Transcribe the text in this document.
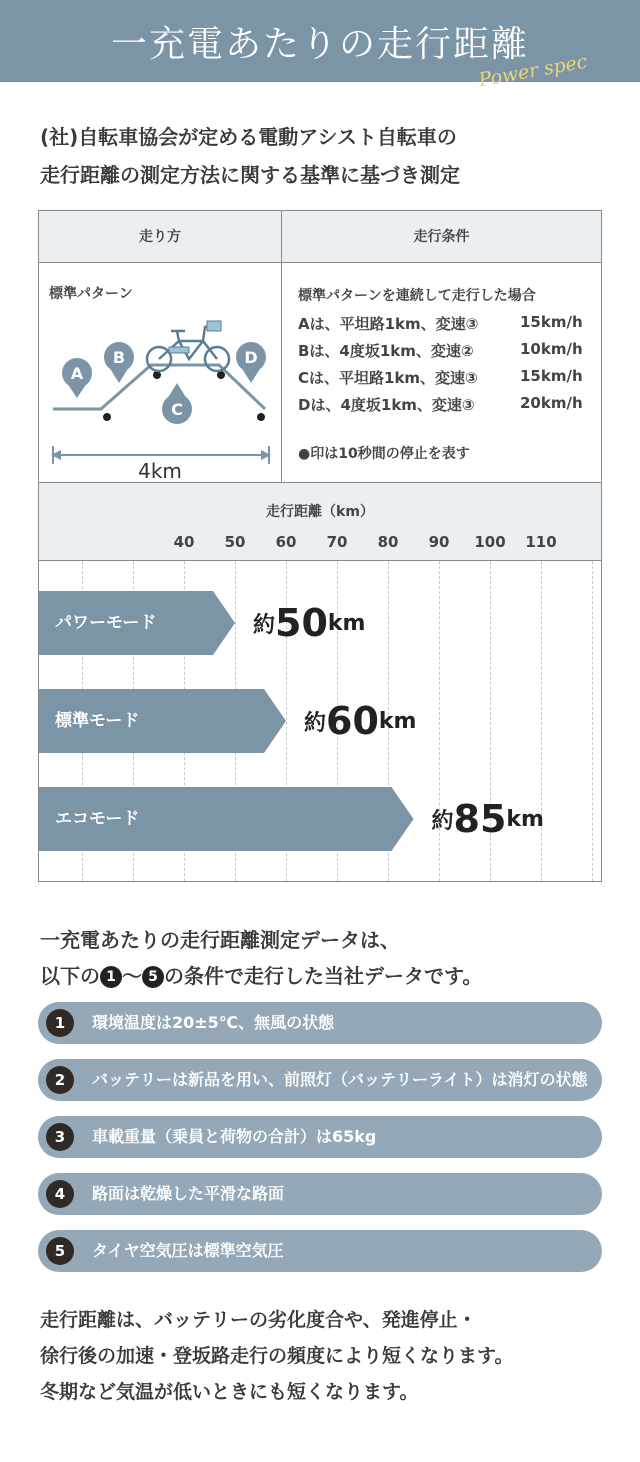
一充電あたりの走行距離
Power spec
(社)自転車協会が定める電動アシスト自転車の
走行距離の測定方法に関する基準に基づき測定
走り方	走行条件
標準パターン
A
B
C
D
4km
標準パターンを連続して走行した場合
Aは、平坦路1km、変速③	15km/h
Bは、4度坂1km、変速②	10km/h
Cは、平坦路1km、変速③	15km/h
Dは、4度坂1km、変速③	20km/h
●印は10秒間の停止を表す
走行距離（km）
40 50 60 70 80 90 100 110
パワーモード	約 50 km
標準モード	約 60 km
エコモード	約 85 km
一充電あたりの走行距離測定データは、
以下の 1 〜 5 の条件で走行した当社データです。
1	環境温度は20±5℃、無風の状態
2	バッテリーは新品を用い、前照灯（バッテリーライト）は消灯の状態
3	車載重量（乗員と荷物の合計）は65kg
4	路面は乾燥した平滑な路面
5	タイヤ空気圧は標準空気圧
走行距離は、バッテリーの劣化度合や、発進停止・
徐行後の加速・登坂路走行の頻度により短くなります。
冬期など気温が低いときにも短くなります。
